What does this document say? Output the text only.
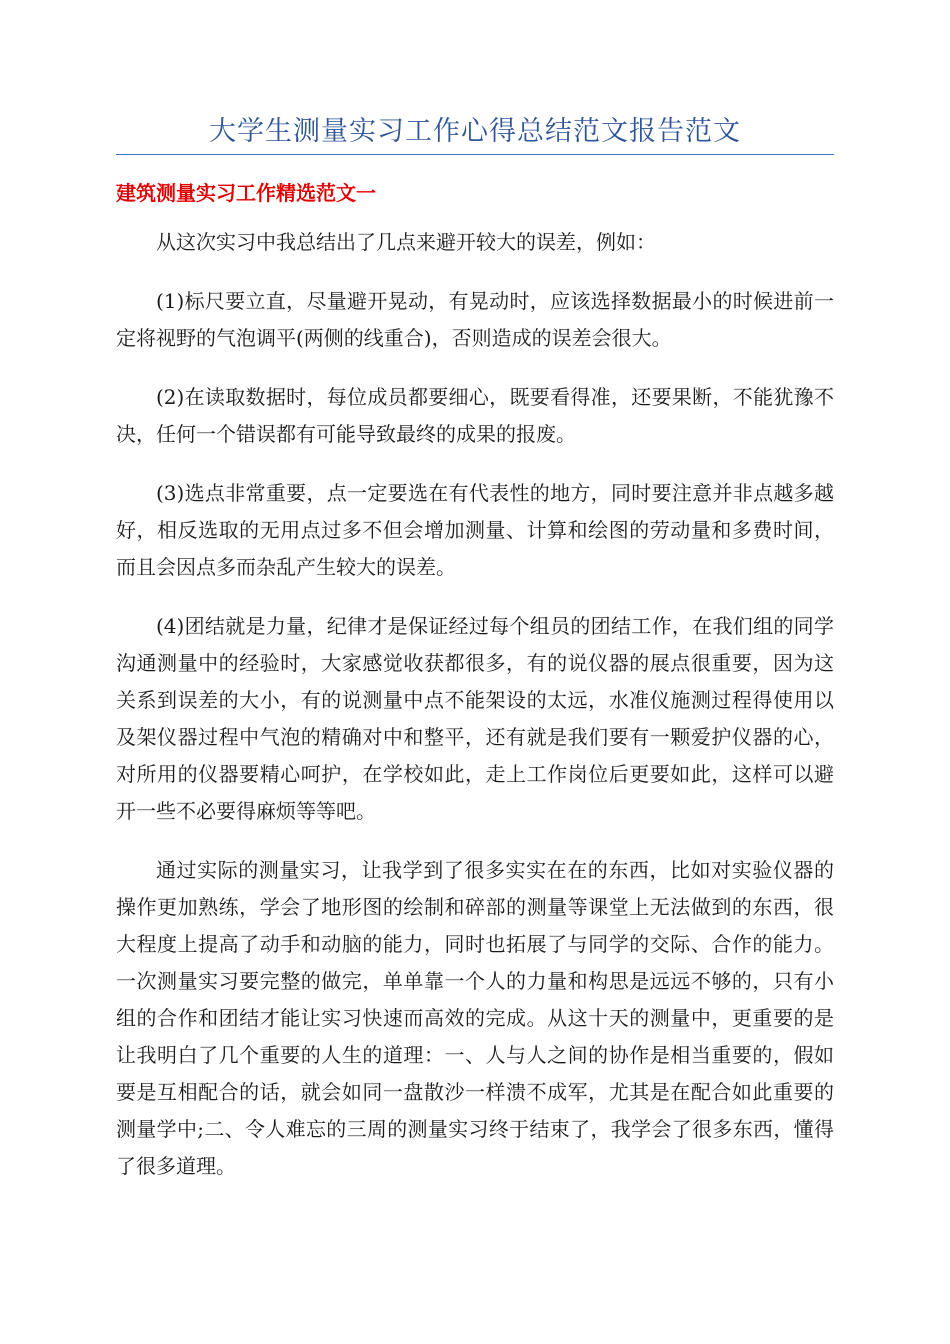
大学生测量实习工作心得总结范文报告范文
建筑测量实习工作精选范文一

从这次实习中我总结出了几点来避开较大的误差，例如：

(1)标尺要立直，尽量避开晃动，有晃动时，应该选择数据最小的时候进前一定将视野的气泡调平(两侧的线重合)，否则造成的误差会很大。

(2)在读取数据时，每位成员都要细心，既要看得准，还要果断，不能犹豫不决，任何一个错误都有可能导致最终的成果的报废。

(3)选点非常重要，点一定要选在有代表性的地方，同时要注意并非点越多越好，相反选取的无用点过多不但会增加测量、计算和绘图的劳动量和多费时间，而且会因点多而杂乱产生较大的误差。

(4)团结就是力量，纪律才是保证经过每个组员的团结工作，在我们组的同学沟通测量中的经验时，大家感觉收获都很多，有的说仪器的展点很重要，因为这关系到误差的大小，有的说测量中点不能架设的太远，水准仪施测过程得使用以及架仪器过程中气泡的精确对中和整平，还有就是我们要有一颗爱护仪器的心，对所用的仪器要精心呵护，在学校如此，走上工作岗位后更要如此，这样可以避开一些不必要得麻烦等等吧。

通过实际的测量实习，让我学到了很多实实在在的东西，比如对实验仪器的操作更加熟练，学会了地形图的绘制和碎部的测量等课堂上无法做到的东西，很大程度上提高了动手和动脑的能力，同时也拓展了与同学的交际、合作的能力。一次测量实习要完整的做完，单单靠一个人的力量和构思是远远不够的，只有小组的合作和团结才能让实习快速而高效的完成。从这十天的测量中，更重要的是让我明白了几个重要的人生的道理：一、人与人之间的协作是相当重要的，假如要是互相配合的话，就会如同一盘散沙一样溃不成军，尤其是在配合如此重要的测量学中;二、令人难忘的三周的测量实习终于结束了，我学会了很多东西，懂得了很多道理。
